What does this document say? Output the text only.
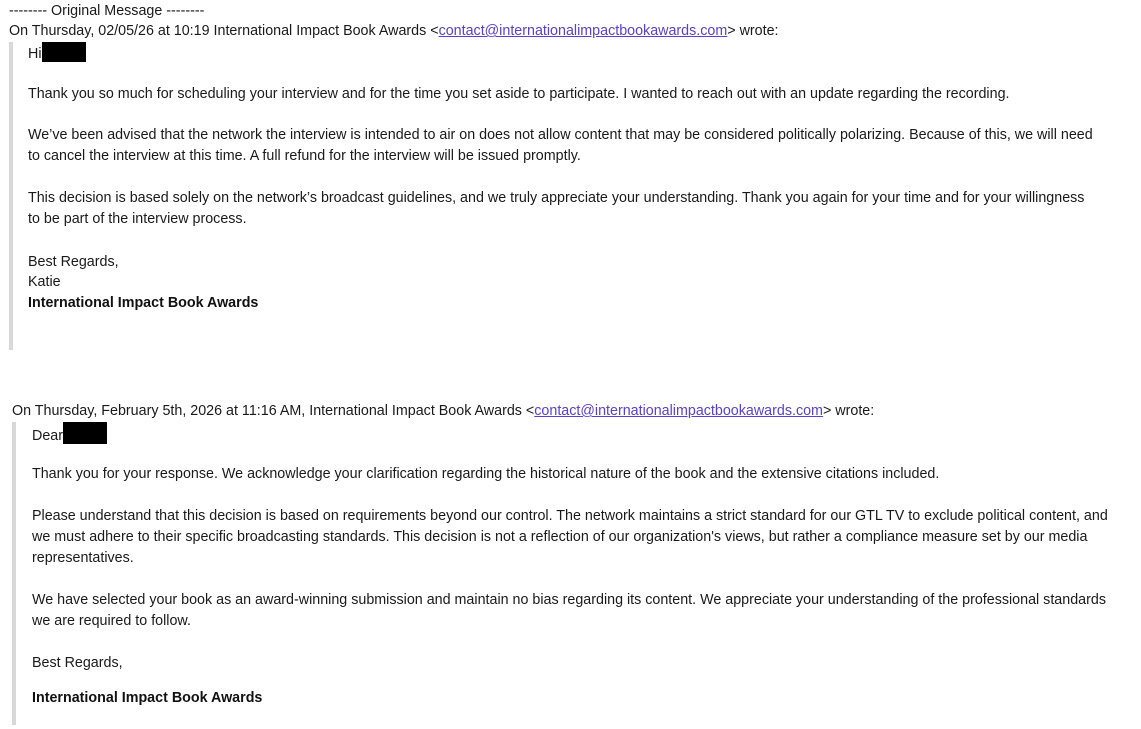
-------- Original Message --------
On Thursday, 02/05/26 at 10:19 International Impact Book Awards <contact@internationalimpactbookawards.com> wrote:
Hi
Thank you so much for scheduling your interview and for the time you set aside to participate. I wanted to reach out with an update regarding the recording.
We’ve been advised that the network the interview is intended to air on does not allow content that may be considered politically polarizing. Because of this, we will need to cancel the interview at this time. A full refund for the interview will be issued promptly.
This decision is based solely on the network’s broadcast guidelines, and we truly appreciate your understanding. Thank you again for your time and for your willingness to be part of the interview process.
Best Regards,
Katie
International Impact Book Awards
On Thursday, February 5th, 2026 at 11:16 AM, International Impact Book Awards <contact@internationalimpactbookawards.com> wrote:
Dear
Thank you for your response. We acknowledge your clarification regarding the historical nature of the book and the extensive citations included.
Please understand that this decision is based on requirements beyond our control. The network maintains a strict standard for our GTL TV to exclude political content, and we must adhere to their specific broadcasting standards. This decision is not a reflection of our organization's views, but rather a compliance measure set by our media representatives.
We have selected your book as an award-winning submission and maintain no bias regarding its content. We appreciate your understanding of the professional standards we are required to follow.
Best Regards,
International Impact Book Awards
